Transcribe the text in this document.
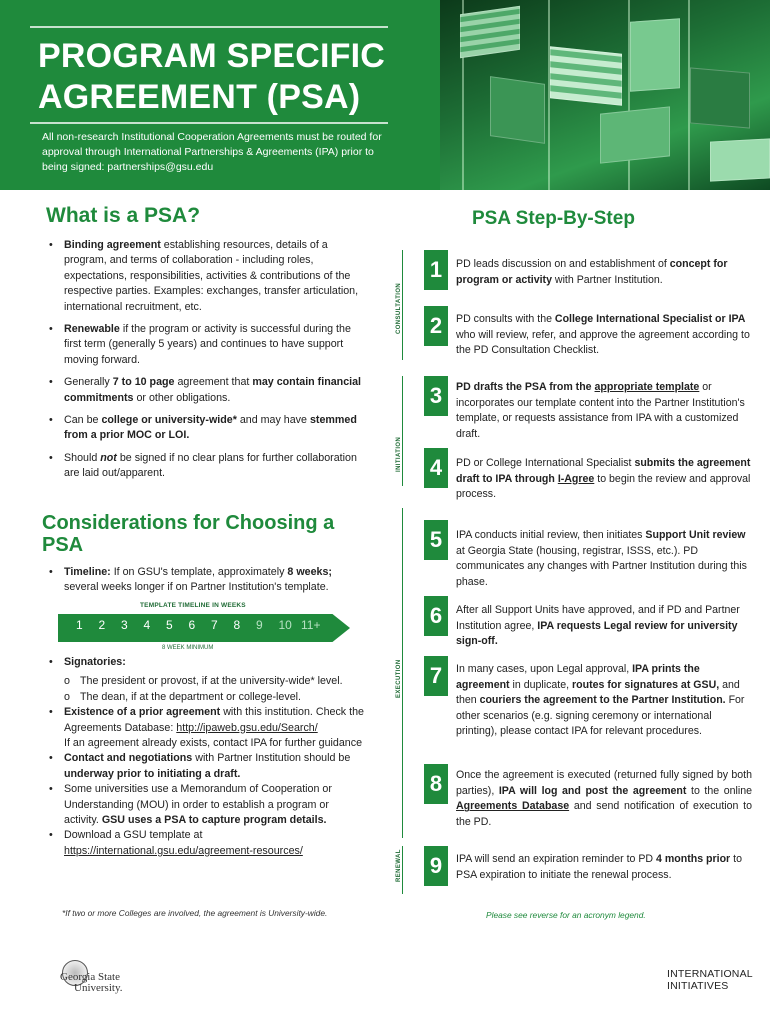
PROGRAM SPECIFIC
AGREEMENT (PSA)
All non-research Institutional Cooperation Agreements must be routed for approval through International Partnerships & Agreements (IPA) prior to being signed: partnerships@gsu.edu
What is a PSA?
• Binding agreement establishing resources, details of a program, and terms of collaboration - including roles, expectations, responsibilities, activities & contributions of the respective parties. Examples: exchanges, transfer articulation, international recruitment, etc.
• Renewable if the program or activity is successful during the first term (generally 5 years) and continues to have support moving forward.
• Generally 7 to 10 page agreement that may contain financial commitments or other obligations.
• Can be college or university-wide* and may have stemmed from a prior MOC or LOI.
• Should not be signed if no clear plans for further collaboration are laid out/apparent.
Considerations for Choosing a PSA
• Timeline: If on GSU's template, approximately 8 weeks; several weeks longer if on Partner Institution's template.
TEMPLATE TIMELINE IN WEEKS
1 2 3 4 5 6 7 8 9 10 11+
8 WEEK MINIMUM
• Signatories:
o The president or provost, if at the university-wide* level.
o The dean, if at the department or college-level.
• Existence of a prior agreement with this institution. Check the Agreements Database: http://ipaweb.gsu.edu/Search/
If an agreement already exists, contact IPA for further guidance
• Contact and negotiations with Partner Institution should be underway prior to initiating a draft.
• Some universities use a Memorandum of Cooperation or Understanding (MOU) in order to establish a program or activity. GSU uses a PSA to capture program details.
• Download a GSU template at
https://international.gsu.edu/agreement-resources/
*If two or more Colleges are involved, the agreement is University-wide.
PSA Step-By-Step
CONSULTATION
INITIATION
EXECUTION
RENEWAL
1	PD leads discussion on and establishment of concept for program or activity with Partner Institution.
2	PD consults with the College International Specialist or IPA who will review, refer, and approve the agreement according to the PD Consultation Checklist.
3	PD drafts the PSA from the appropriate template or incorporates our template content into the Partner Institution's template, or requests assistance from IPA with a customized draft.
4	PD or College International Specialist submits the agreement draft to IPA through I-Agree to begin the review and approval process.
5	IPA conducts initial review, then initiates Support Unit review at Georgia State (housing, registrar, ISSS, etc.). PD communicates any changes with Partner Institution during this phase.
6	After all Support Units have approved, and if PD and Partner Institution agree, IPA requests Legal review for university sign-off.
7	In many cases, upon Legal approval, IPA prints the agreement in duplicate, routes for signatures at GSU, and then couriers the agreement to the Partner Institution. For other scenarios (e.g. signing ceremony or international printing), please contact IPA for relevant procedures.
8	Once the agreement is executed (returned fully signed by both parties), IPA will log and post the agreement to the online Agreements Database and send notification of execution to the PD.
9	IPA will send an expiration reminder to PD 4 months prior to PSA expiration to initiate the renewal process.
Please see reverse for an acronym legend.
Georgia State
University.
INTERNATIONAL
INITIATIVES
